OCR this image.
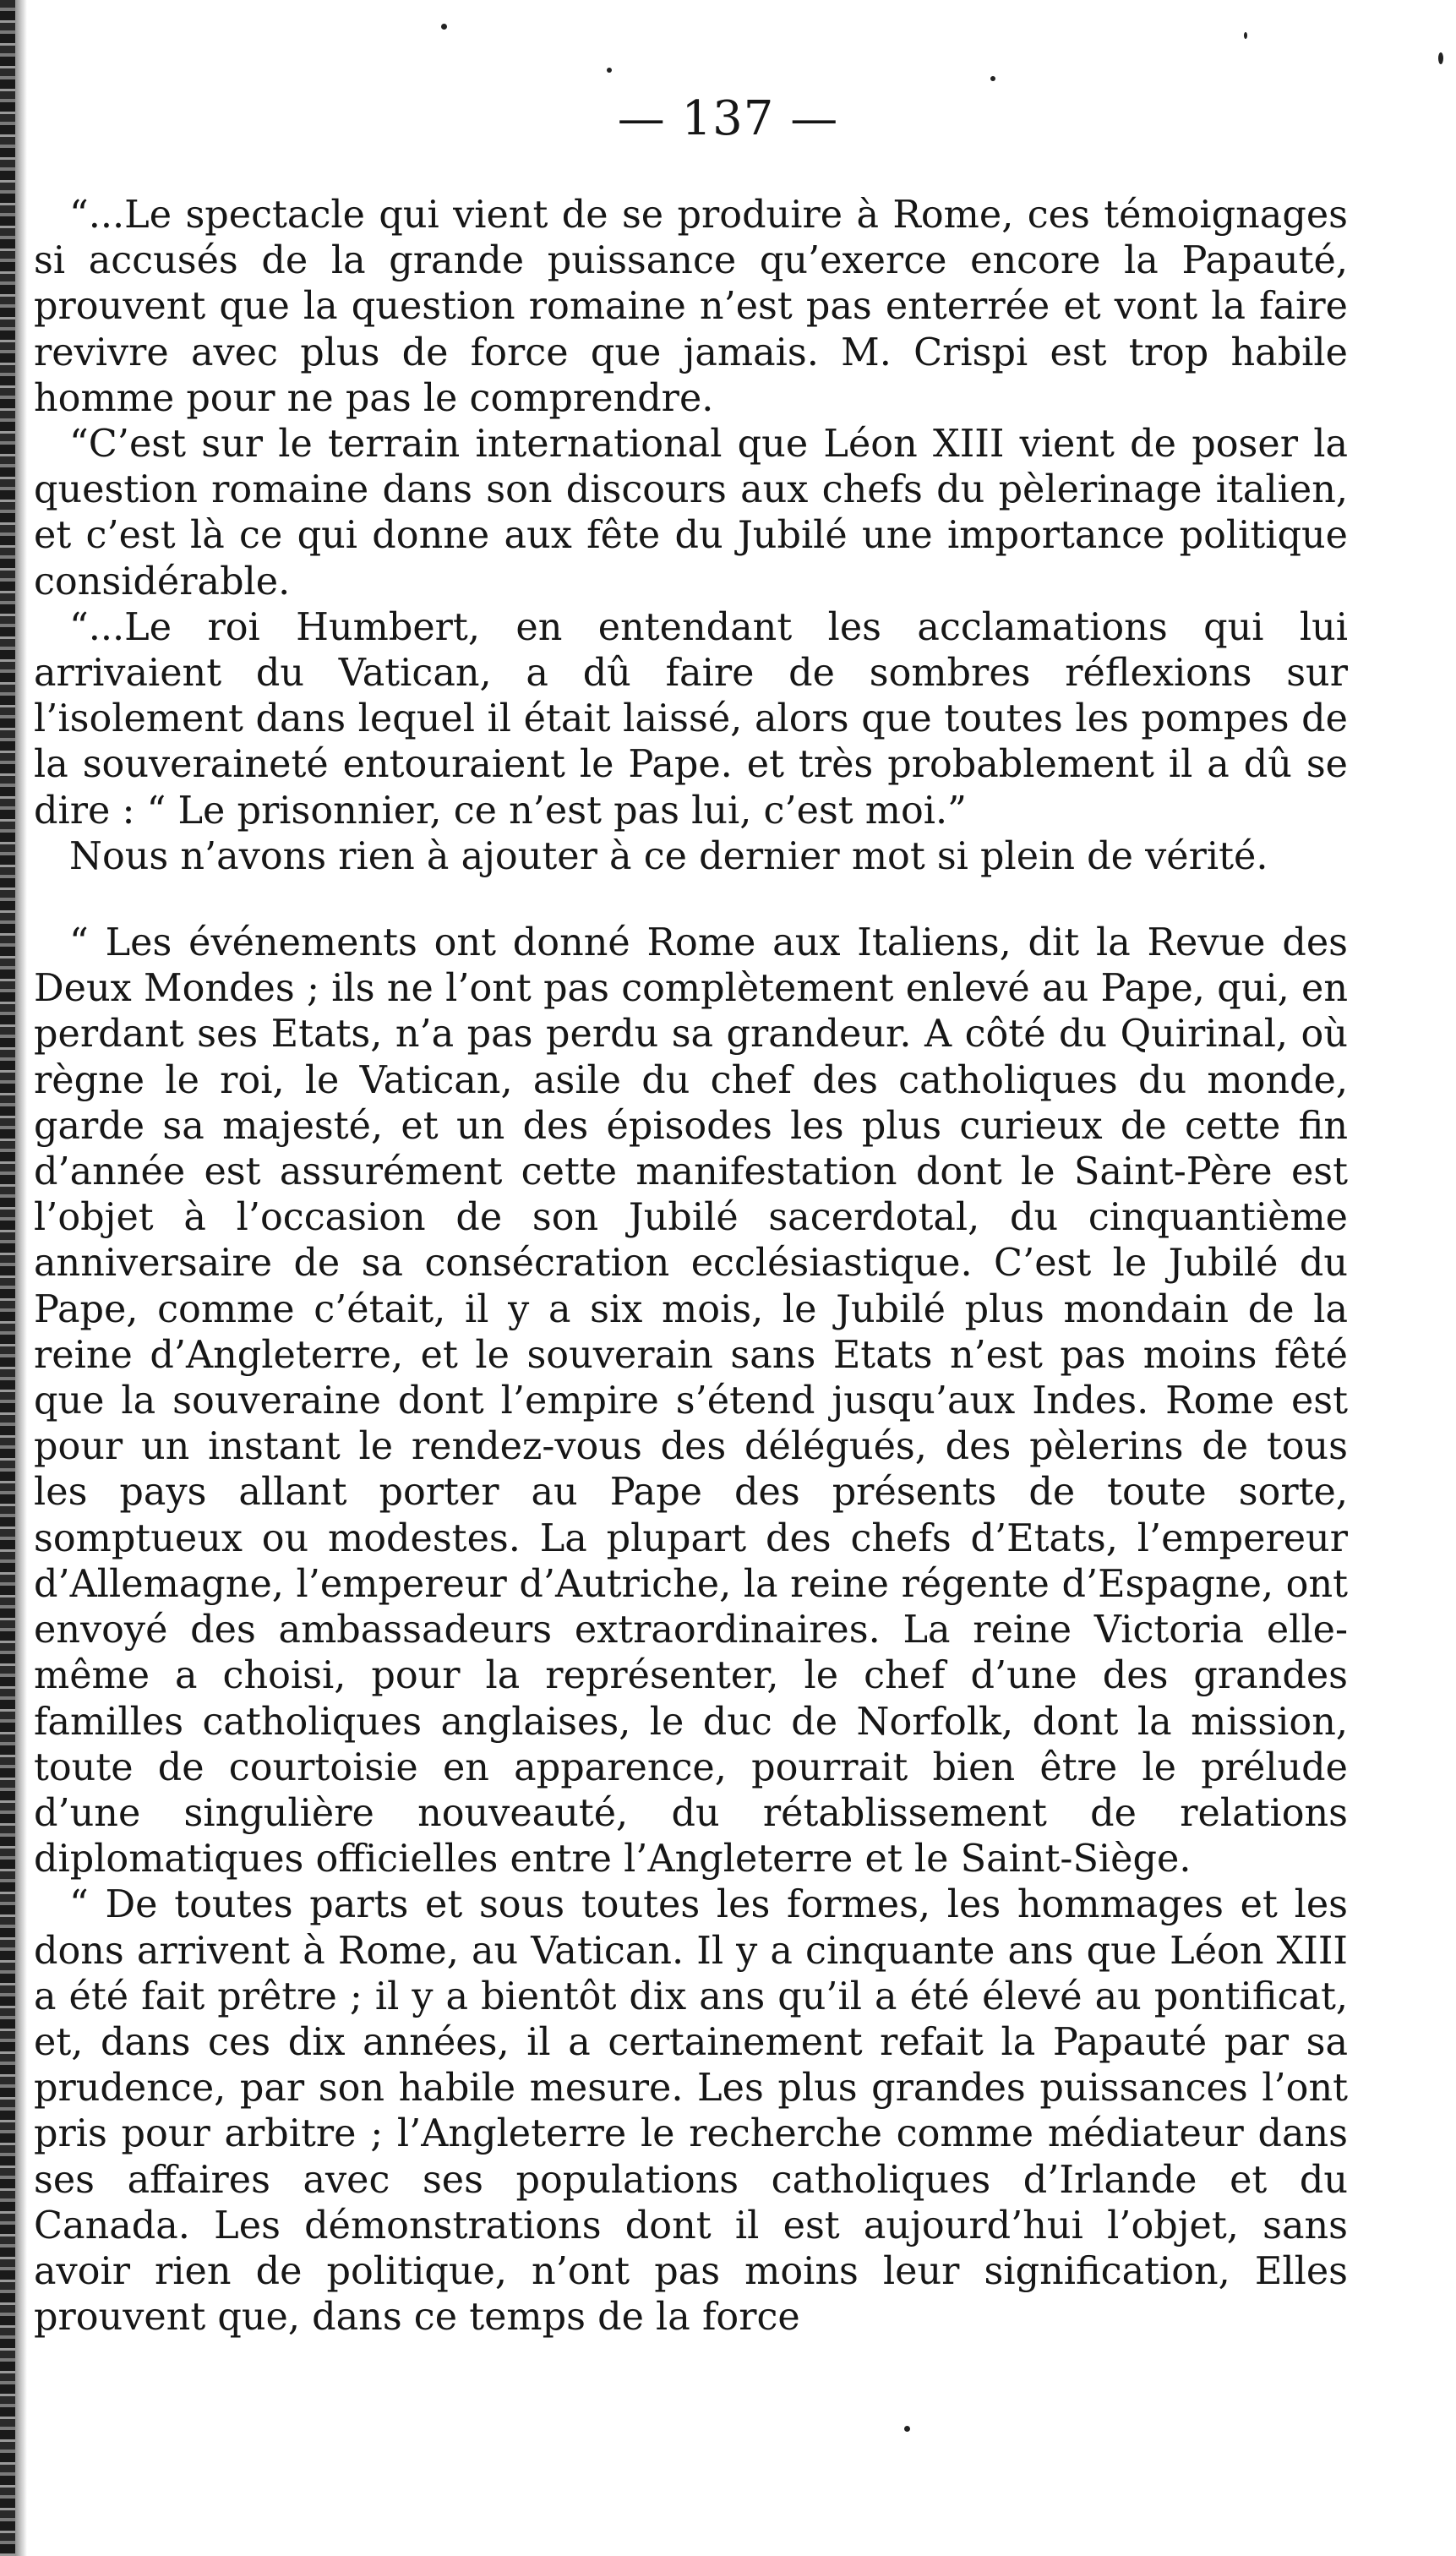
— 137 —

“...Le spectacle qui vient de se produire à Rome, ces témoignages si accusés de la grande puissance qu’exerce encore la Papauté, prouvent que la question romaine n’est pas enterrée et vont la faire revivre avec plus de force que jamais. M. Crispi est trop habile homme pour ne pas le comprendre.

“C’est sur le terrain international que Léon XIII vient de poser la question romaine dans son discours aux chefs du pèlerinage italien, et c’est là ce qui donne aux fête du Jubilé une importance politique considérable.

“...Le roi Humbert, en entendant les acclamations qui lui arrivaient du Vatican, a dû faire de sombres réflexions sur l’isolement dans lequel il était laissé, alors que toutes les pompes de la souveraineté entouraient le Pape. et très probablement il a dû se dire : “ Le prisonnier, ce n’est pas lui, c’est moi.”

Nous n’avons rien à ajouter à ce dernier mot si plein de vérité.

“ Les événements ont donné Rome aux Italiens, dit la Revue des Deux Mondes ; ils ne l’ont pas complètement enlevé au Pape, qui, en perdant ses Etats, n’a pas perdu sa grandeur. A côté du Quirinal, où règne le roi, le Vatican, asile du chef des catholiques du monde, garde sa majesté, et un des épisodes les plus curieux de cette fin d’année est assurément cette manifestation dont le Saint-Père est l’objet à l’occasion de son Jubilé sacerdotal, du cinquantième anniversaire de sa consécration ecclésiastique. C’est le Jubilé du Pape, comme c’était, il y a six mois, le Jubilé plus mondain de la reine d’Angleterre, et le souverain sans Etats n’est pas moins fêté que la souveraine dont l’empire s’étend jusqu’aux Indes. Rome est pour un instant le rendez-vous des délégués, des pèlerins de tous les pays allant porter au Pape des présents de toute sorte, somptueux ou modestes. La plupart des chefs d’Etats, l’empereur d’Allemagne, l’empereur d’Autriche, la reine régente d’Espagne, ont envoyé des ambassadeurs extraordinaires. La reine Victoria elle-même a choisi, pour la représenter, le chef d’une des grandes familles catholiques anglaises, le duc de Norfolk, dont la mission, toute de courtoisie en apparence, pourrait bien être le prélude d’une singulière nouveauté, du rétablissement de relations diplomatiques officielles entre l’Angleterre et le Saint-Siège.

“ De toutes parts et sous toutes les formes, les hommages et les dons arrivent à Rome, au Vatican. Il y a cinquante ans que Léon XIII a été fait prêtre ; il y a bientôt dix ans qu’il a été élevé au pontificat, et, dans ces dix années, il a certainement refait la Papauté par sa prudence, par son habile mesure. Les plus grandes puissances l’ont pris pour arbitre ; l’Angleterre le recherche comme médiateur dans ses affaires avec ses populations catholiques d’Irlande et du Canada. Les démonstrations dont il est aujourd’hui l’objet, sans avoir rien de politique, n’ont pas moins leur signification, Elles prouvent que, dans ce temps de la force
